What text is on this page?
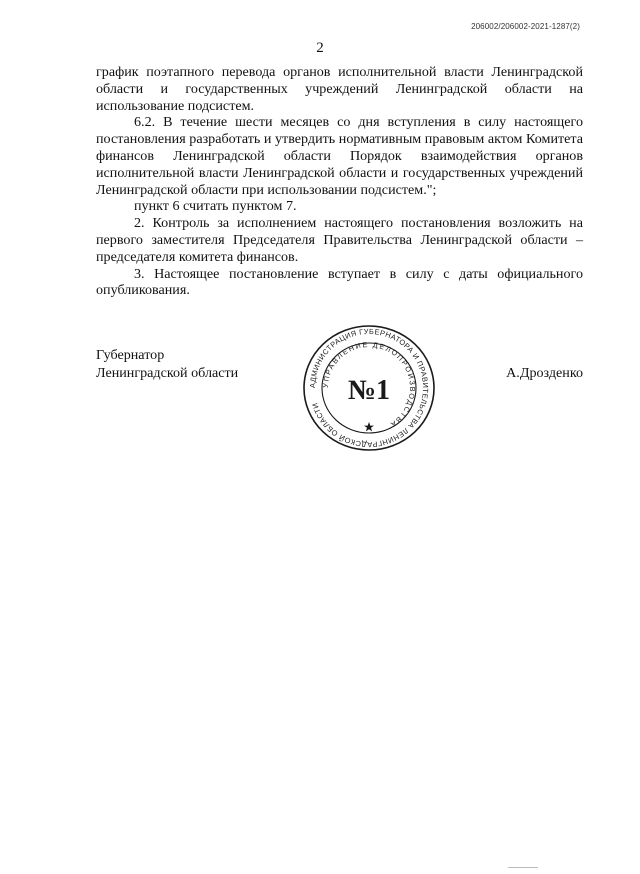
206002/206002-2021-1287(2)
2

график поэтапного перевода органов исполнительной власти Ленинградской области и государственных учреждений Ленинградской области на использование подсистем.

6.2. В течение шести месяцев со дня вступления в силу настоящего постановления разработать и утвердить нормативным правовым актом Комитета финансов Ленинградской области Порядок взаимодействия органов исполнительной власти Ленинградской области и государственных учреждений Ленинградской области при использовании подсистем.";

пункт 6 считать пунктом 7.

2. Контроль за исполнением настоящего постановления возложить на первого заместителя Председателя Правительства Ленинградской области – председателя комитета финансов.

3. Настоящее постановление вступает в силу с даты официального опубликования.

Губернатор
Ленинградской области	А.Дрозденко
АДМИНИСТРАЦИЯ ГУБЕРНАТОРА И ПРАВИТЕЛЬСТВА ЛЕНИНГРАДСКОЙ ОБЛАСТИ
УПРАВЛЕНИЕ ДЕЛОПРОИЗВОДСТВА
№1
